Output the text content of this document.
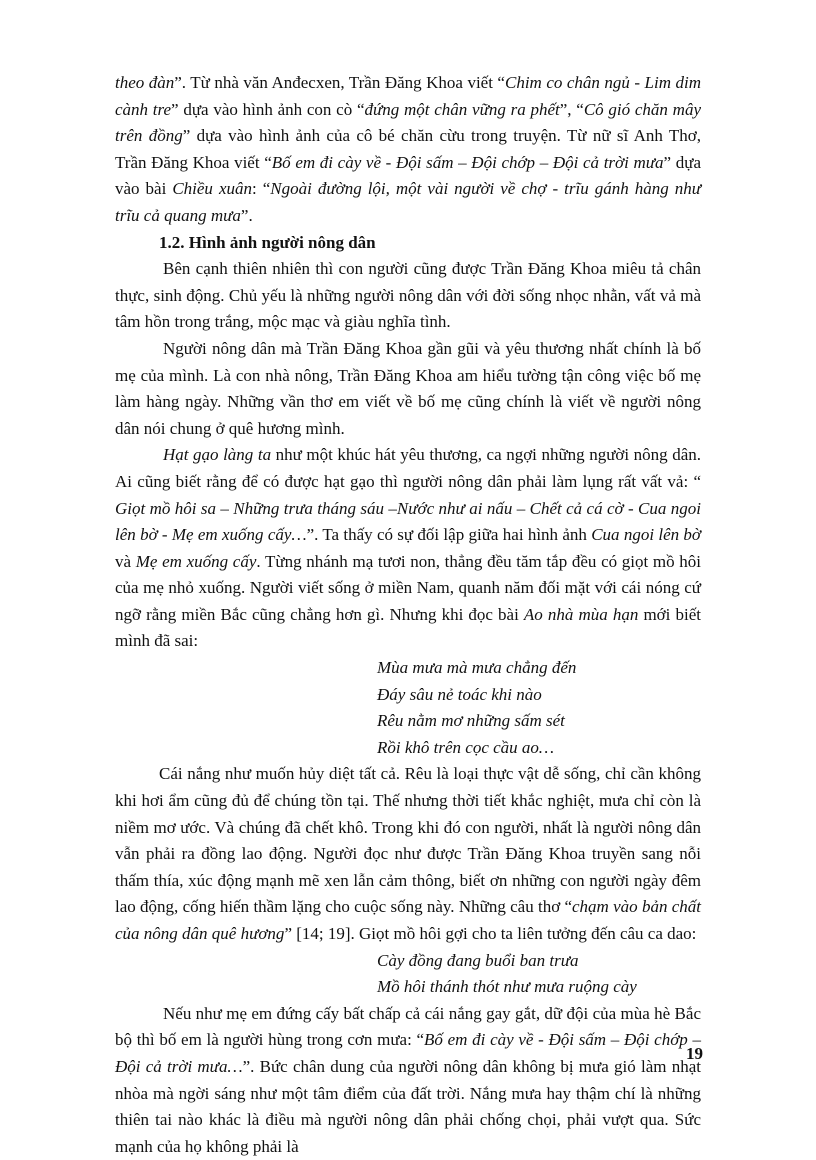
theo đàn”. Từ nhà văn Anđecxen, Trần Đăng Khoa viết “Chim co chân ngủ - Lim dim cành tre” dựa vào hình ảnh con cò “đứng một chân vững ra phết”, “Cô gió chăn mây trên đồng” dựa vào hình ảnh của cô bé chăn cừu trong truyện. Từ nữ sĩ Anh Thơ, Trần Đăng Khoa viết “Bố em đi cày về - Đội sấm – Đội chớp – Đội cả trời mưa” dựa vào bài Chiều xuân: “Ngoài đường lội, một vài người về chợ - trĩu gánh hàng như trĩu cả quang mưa”.

1.2. Hình ảnh người nông dân

Bên cạnh thiên nhiên thì con người cũng được Trần Đăng Khoa miêu tả chân thực, sinh động. Chủ yếu là những người nông dân với đời sống nhọc nhằn, vất vả mà tâm hồn trong trắng, mộc mạc và giàu nghĩa tình.

Người nông dân mà Trần Đăng Khoa gần gũi và yêu thương nhất chính là bố mẹ của mình. Là con nhà nông, Trần Đăng Khoa am hiểu tường tận công việc bố mẹ làm hàng ngày. Những vần thơ em viết về bố mẹ cũng chính là viết về người nông dân nói chung ở quê hương mình.

Hạt gạo làng ta như một khúc hát yêu thương, ca ngợi những người nông dân. Ai cũng biết rằng để có được hạt gạo thì người nông dân phải làm lụng rất vất vả: “ Giọt mồ hôi sa – Những trưa tháng sáu –Nước như ai nấu – Chết cả cá cờ - Cua ngoi lên bờ - Mẹ em xuống cấy…”. Ta thấy có sự đối lập giữa hai hình ảnh Cua ngoi lên bờ và Mẹ em xuống cấy. Từng nhánh mạ tươi non, thẳng đều tăm tắp đều có giọt mồ hôi của mẹ nhỏ xuống. Người viết sống ở miền Nam, quanh năm đối mặt với cái nóng cứ ngỡ rằng miền Bắc cũng chẳng hơn gì. Nhưng khi đọc bài Ao nhà mùa hạn mới biết mình đã sai:

Mùa mưa mà mưa chẳng đến
Đáy sâu nẻ toác khi nào
Rêu nằm mơ những sấm sét
Rồi khô trên cọc cầu ao…

Cái nắng như muốn hủy diệt tất cả. Rêu là loại thực vật dễ sống, chỉ cần không khi hơi ẩm cũng đủ để chúng tồn tại. Thế nhưng thời tiết khắc nghiệt, mưa chỉ còn là niềm mơ ước. Và chúng đã chết khô. Trong khi đó con người, nhất là người nông dân vẫn phải ra đồng lao động. Người đọc như được Trần Đăng Khoa truyền sang nỗi thấm thía, xúc động mạnh mẽ xen lẫn cảm thông, biết ơn những con người ngày đêm lao động, cống hiến thầm lặng cho cuộc sống này. Những câu thơ “chạm vào bản chất của nông dân quê hương” [14; 19]. Giọt mồ hôi gợi cho ta liên tưởng đến câu ca dao:

Cày đồng đang buổi ban trưa
Mồ hôi thánh thót như mưa ruộng cày

Nếu như mẹ em đứng cấy bất chấp cả cái nắng gay gắt, dữ đội của mùa hè Bắc bộ thì bố em là người hùng trong cơn mưa: “Bố em đi cày về - Đội sấm – Đội chớp – Đội cả trời mưa…”. Bức chân dung của người nông dân không bị mưa gió làm nhạt nhòa mà ngời sáng như một tâm điểm của đất trời. Nắng mưa hay thậm chí là những thiên tai nào khác là điều mà người nông dân phải chống chọi, phải vượt qua. Sức mạnh của họ không phải là

19
